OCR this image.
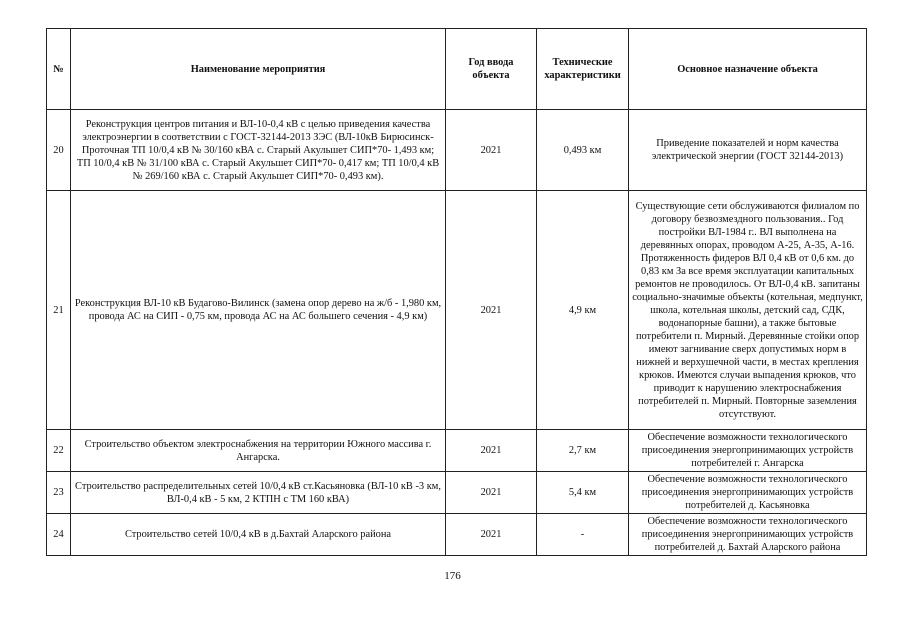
№	Наименование мероприятия	Год ввода объекта	Технические характеристики	Основное назначение объекта
20	Реконструкция центров питания и ВЛ-10-0,4 кВ с целью приведения качества электроэнергии в соответствии с ГОСТ-32144-2013 ЗЭС (ВЛ-10кВ Бирюсинск-Проточная ТП 10/0,4 кВ № 30/160 кВА с. Старый Акульшет СИП*70- 1,493 км; ТП 10/0,4 кВ № 31/100 кВА с. Старый Акульшет СИП*70- 0,417 км; ТП 10/0,4 кВ № 269/160 кВА с. Старый Акульшет СИП*70- 0,493 км).	2021	0,493 км	Приведение показателей и норм качества электрической энергии (ГОСТ 32144-2013)
21	Реконструкция ВЛ-10 кВ Будагово-Вилинск (замена опор дерево на ж/б - 1,980 км, провода АС на СИП - 0,75 км, провода АС на АС большего сечения - 4,9 км)	2021	4,9 км	Существующие сети обслуживаются филиалом по договору безвозмездного пользования.. Год постройки ВЛ-1984 г.. ВЛ выполнена на деревянных опорах, проводом А-25, А-35, А-16. Протяженность фидеров ВЛ 0,4 кВ от 0,6 км. до 0,83 км За все время эксплуатации капитальных ремонтов не проводилось. От ВЛ-0,4 кВ. запитаны социально-значимые объекты (котельная, медпункт, школа, котельная школы, детский сад, СДК, водонапорные башни), а также бытовые потребители п. Мирный. Деревянные стойки опор имеют загнивание сверх допустимых норм в нижней и верхушечной части, в местах крепления крюков. Имеются случаи выпадения крюков, что приводит к нарушению электроснабжения потребителей п. Мирный. Повторные заземления отсутствуют.
22	Строительство объектом электроснабжения на территории Южного массива г. Ангарска.	2021	2,7 км	Обеспечение возможности технологического присоединения энергопринимающих устройств потребителей г. Ангарска
23	Строительство распределительных сетей 10/0,4 кВ ст.Касьяновка (ВЛ-10 кВ -3 км, ВЛ-0,4 кВ - 5 км, 2 КТПН с ТМ 160 кВА)	2021	5,4 км	Обеспечение возможности технологического присоединения энергопринимающих устройств потребителей д. Касьяновка
24	Строительство сетей 10/0,4 кВ в д.Бахтай Аларского района	2021	-	Обеспечение возможности технологического присоединения энергопринимающих устройств потребителей д. Бахтай Аларского района
176
